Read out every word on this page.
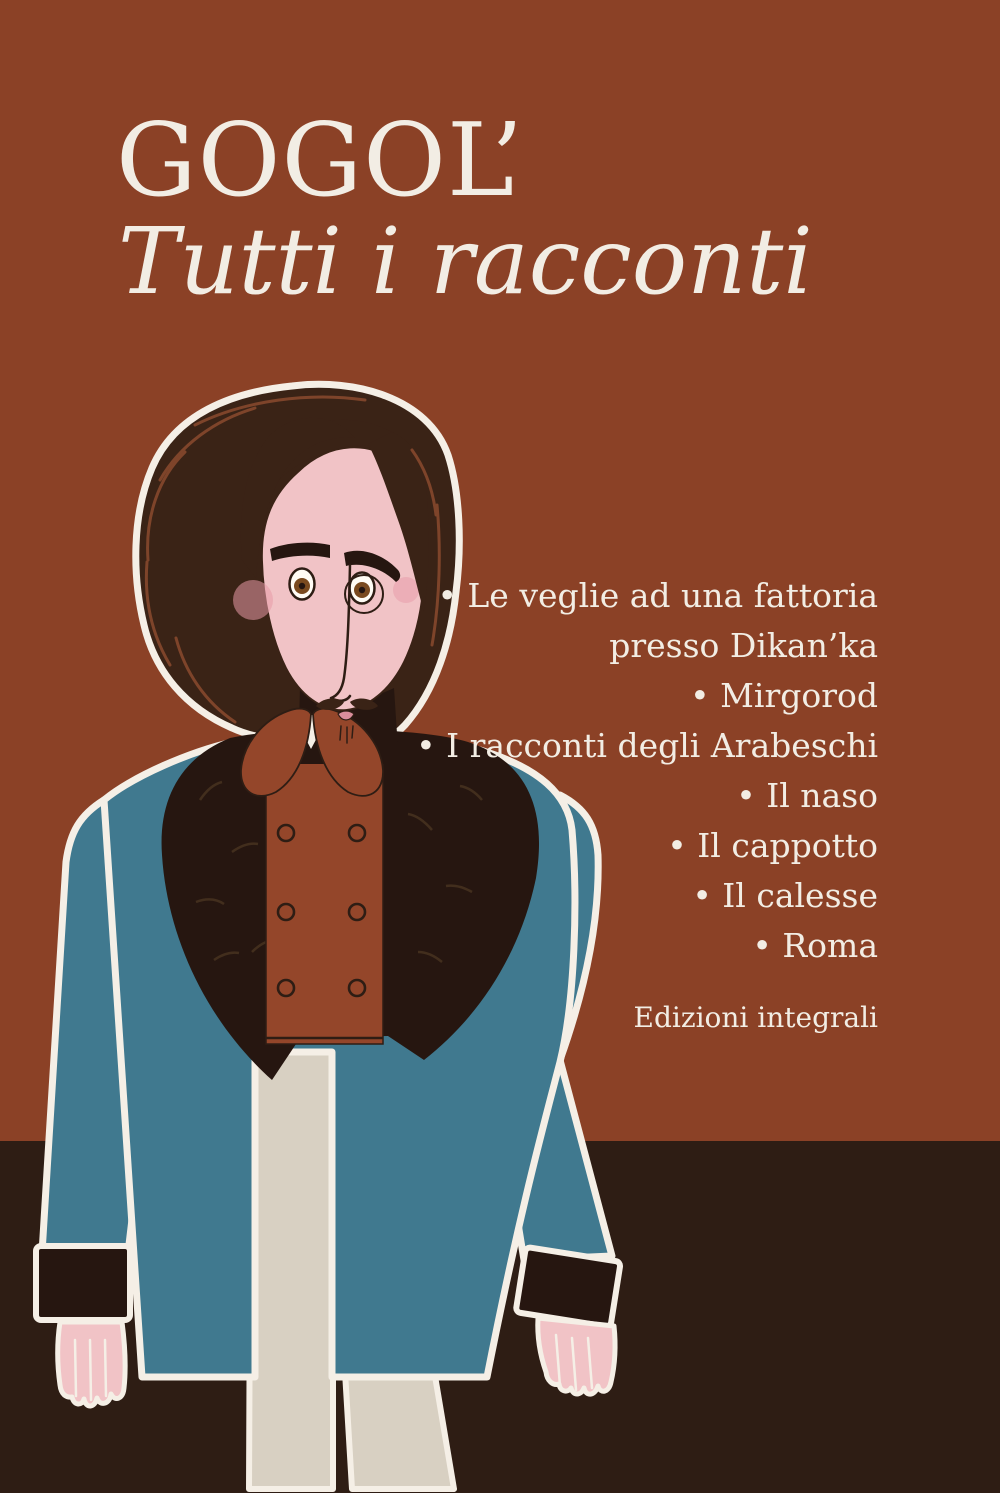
GOGOL’
Tutti i racconti
• Le veglie ad una fattoria
presso Dikan’ka
• Mirgorod
• I racconti degli Arabeschi
• Il naso
• Il cappotto
• Il calesse
• Roma
Edizioni integrali
